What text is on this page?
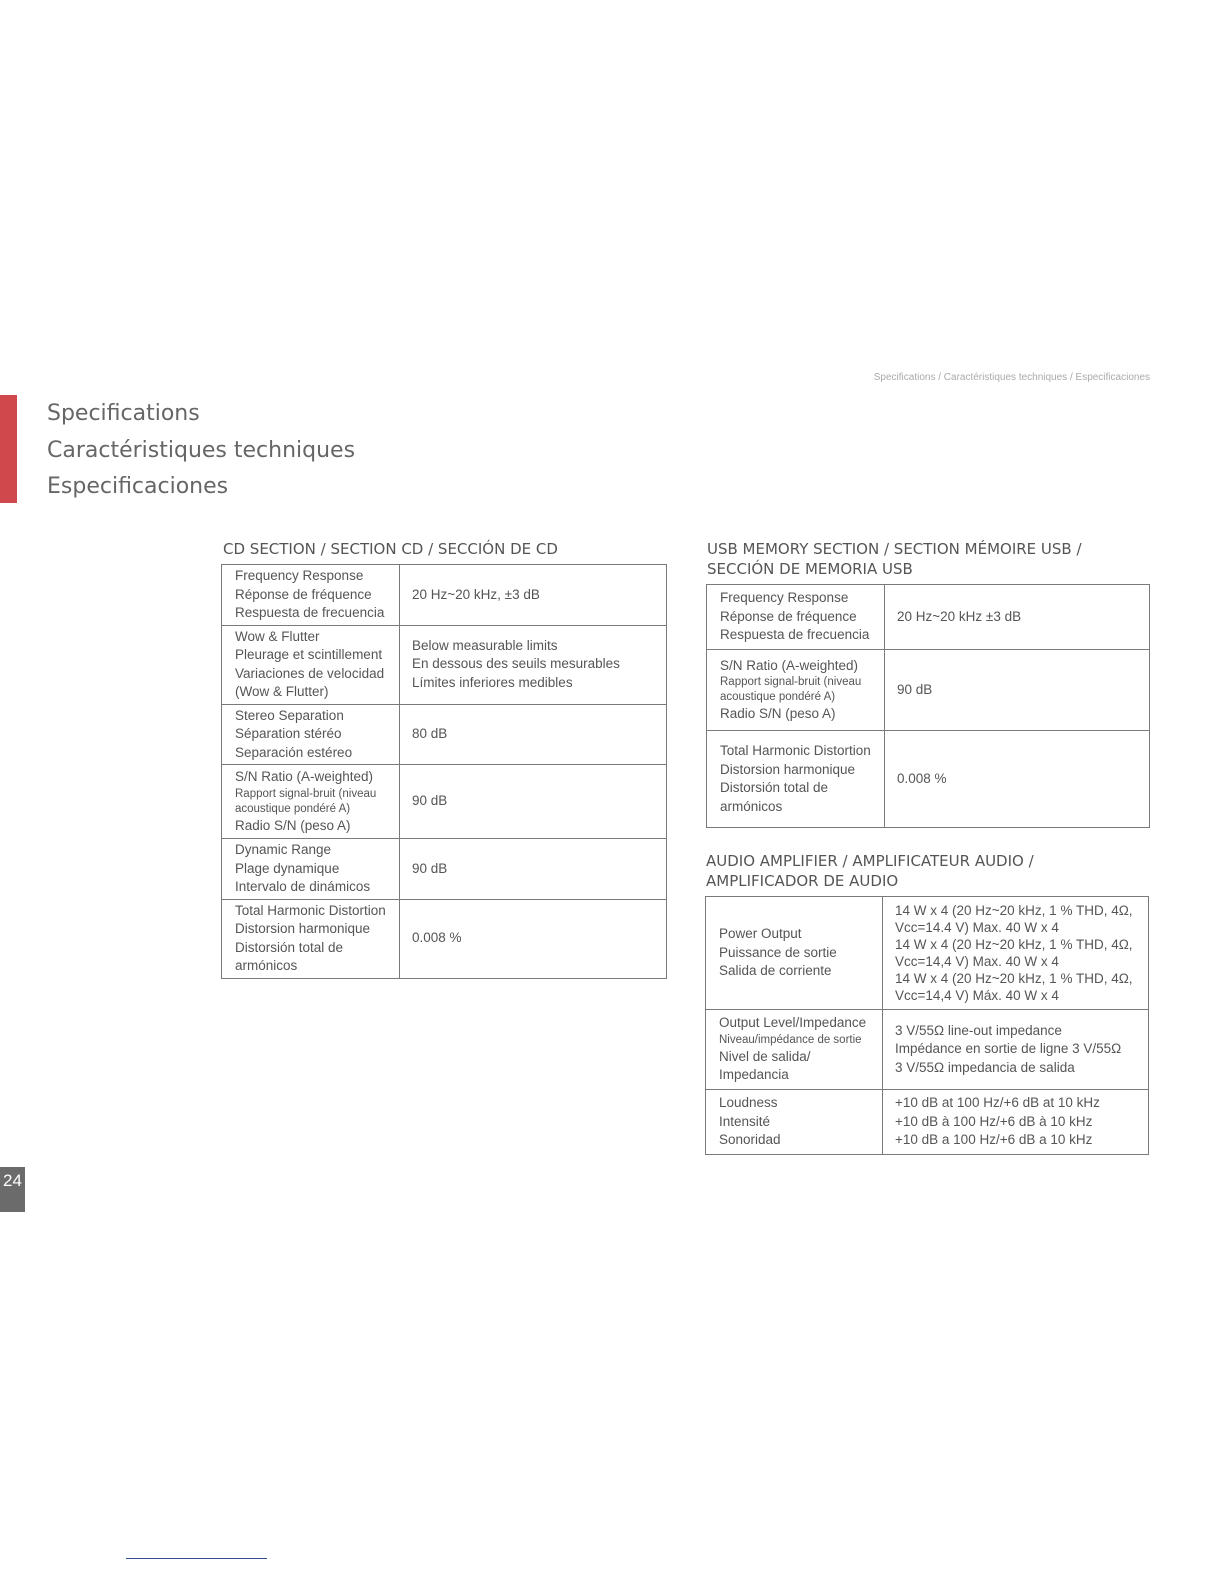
Specifications / Caractéristiques techniques / Especificaciones
Specifications
Caractéristiques techniques
Especificaciones
CD SECTION / SECTION CD / SECCIÓN DE CD
Frequency Response
Réponse de fréquence
Respuesta de frecuencia	20 Hz~20 kHz, ±3 dB

Wow & Flutter
Pleurage et scintillement
Variaciones de velocidad (Wow & Flutter)	Below measurable limits
En dessous des seuils mesurables
Límites inferiores medibles

Stereo Separation
Séparation stéréo
Separación estéreo	80 dB

S/N Ratio (A-weighted)
Rapport signal-bruit (niveau acoustique pondéré A)
Radio S/N (peso A)	90 dB

Dynamic Range
Plage dynamique
Intervalo de dinámicos	90 dB

Total Harmonic Distortion
Distorsion harmonique
Distorsión total de armónicos	0.008 %
USB MEMORY SECTION / SECTION MÉMOIRE USB /
SECCIÓN DE MEMORIA USB
Frequency Response
Réponse de fréquence
Respuesta de frecuencia	20 Hz~20 kHz ±3 dB

S/N Ratio (A-weighted)
Rapport signal-bruit (niveau acoustique pondéré A)
Radio S/N (peso A)	90 dB

Total Harmonic Distortion
Distorsion harmonique
Distorsión total de armónicos	0.008 %
AUDIO AMPLIFIER / AMPLIFICATEUR AUDIO /
AMPLIFICADOR DE AUDIO
Power Output
Puissance de sortie
Salida de corriente	14 W x 4 (20 Hz~20 kHz, 1 % THD, 4Ω, Vcc=14.4 V) Max. 40 W x 4
14 W x 4 (20 Hz~20 kHz, 1 % THD, 4Ω, Vcc=14,4 V) Max. 40 W x 4
14 W x 4 (20 Hz~20 kHz, 1 % THD, 4Ω, Vcc=14,4 V) Máx. 40 W x 4

Output Level/Impedance
Niveau/impédance de sortie
Nivel de salida/ Impedancia	3 V/55Ω line-out impedance
Impédance en sortie de ligne 3 V/55Ω
3 V/55Ω impedancia de salida

Loudness
Intensité
Sonoridad	+10 dB at 100 Hz/+6 dB at 10 kHz
+10 dB à 100 Hz/+6 dB à 10 kHz
+10 dB a 100 Hz/+6 dB a 10 kHz
24
